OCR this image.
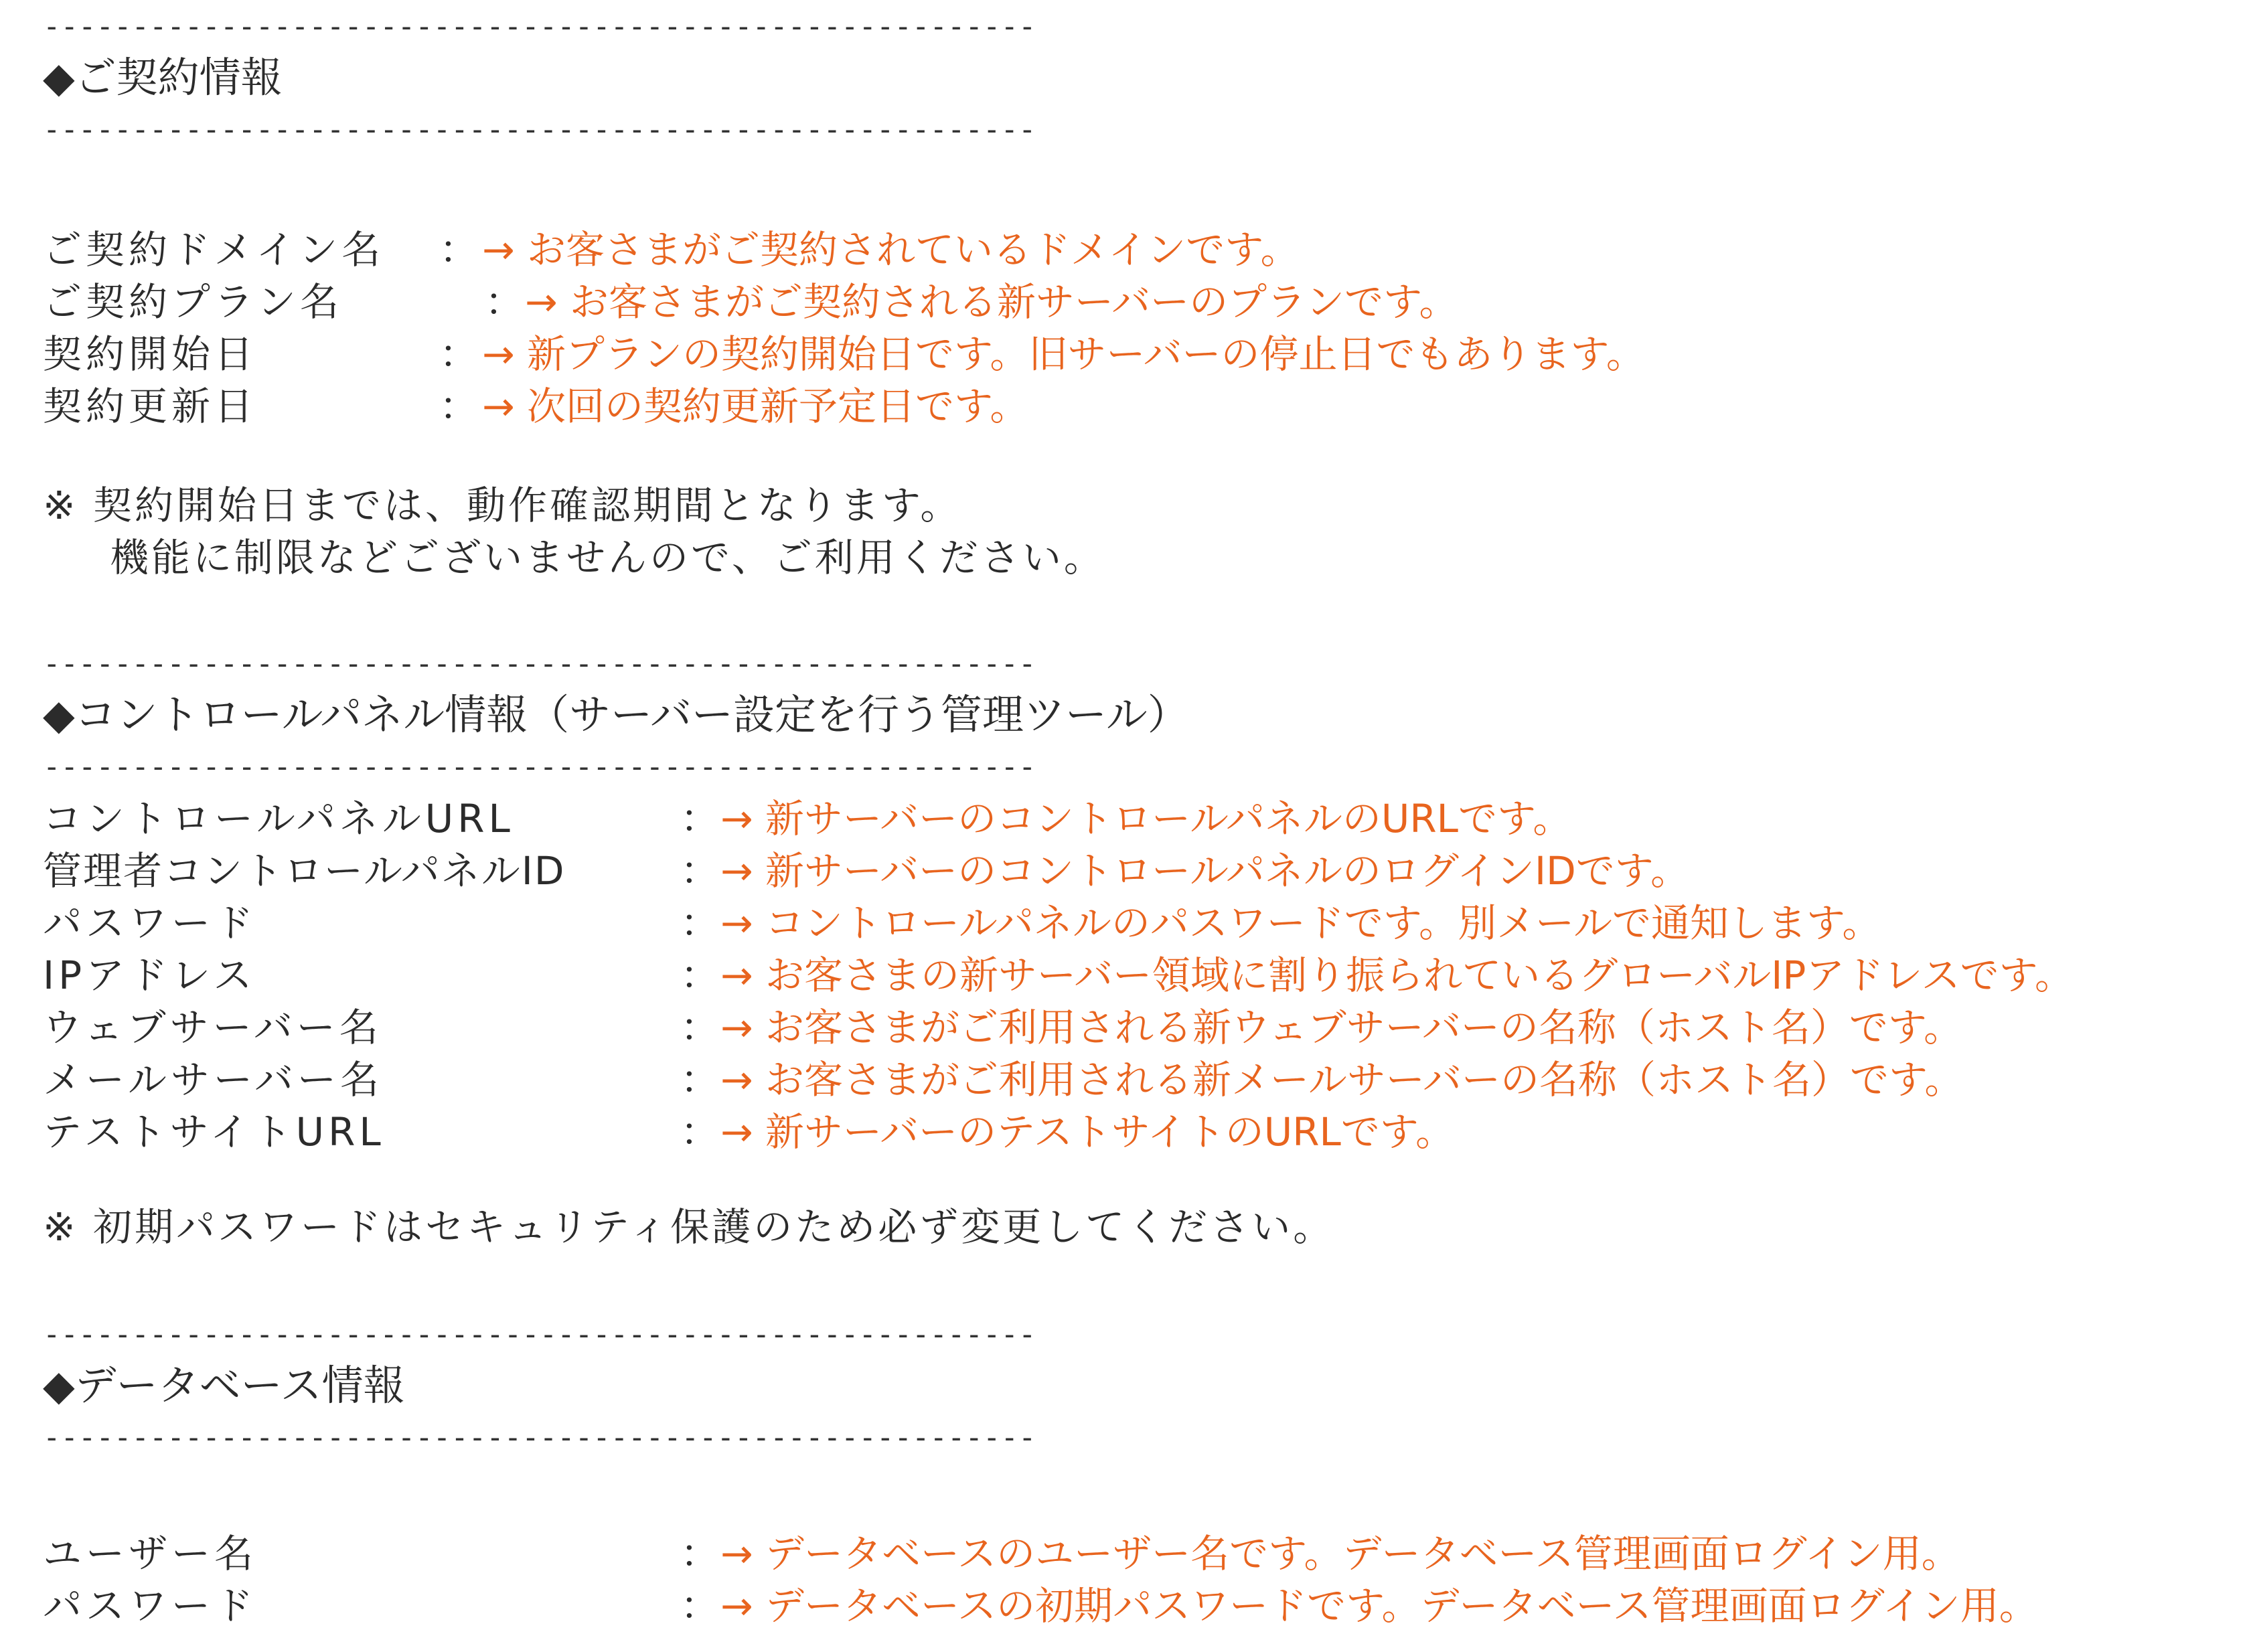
--------------------------------------------------------
◆ご契約情報
--------------------------------------------------------
ご契約ドメイン名	： → お客さまがご契約されているドメインです。
ご契約プラン名	： → お客さまがご契約される新サーバーのプランです。
契約開始日	： → 新プランの契約開始日です。旧サーバーの停止日でもあります。
契約更新日	： → 次回の契約更新予定日です。
※ 契約開始日までは、動作確認期間となります。
機能に制限などございませんので、ご利用ください。
--------------------------------------------------------
◆コントロールパネル情報（サーバー設定を行う管理ツール）
--------------------------------------------------------
コントロールパネルURL	： → 新サーバーのコントロールパネルのURLです。
管理者コントロールパネルID	： → 新サーバーのコントロールパネルのログインIDです。
パスワード	： → コントロールパネルのパスワードです。別メールで通知します。
IPアドレス	： → お客さまの新サーバー領域に割り振られているグローバルIPアドレスです。
ウェブサーバー名	： → お客さまがご利用される新ウェブサーバーの名称（ホスト名）です。
メールサーバー名	： → お客さまがご利用される新メールサーバーの名称（ホスト名）です。
テストサイトURL	： → 新サーバーのテストサイトのURLです。
※ 初期パスワードはセキュリティ保護のため必ず変更してください。
--------------------------------------------------------
◆データベース情報
--------------------------------------------------------
ユーザー名	： → データベースのユーザー名です。データベース管理画面ログイン用。
パスワード	： → データベースの初期パスワードです。データベース管理画面ログイン用。
